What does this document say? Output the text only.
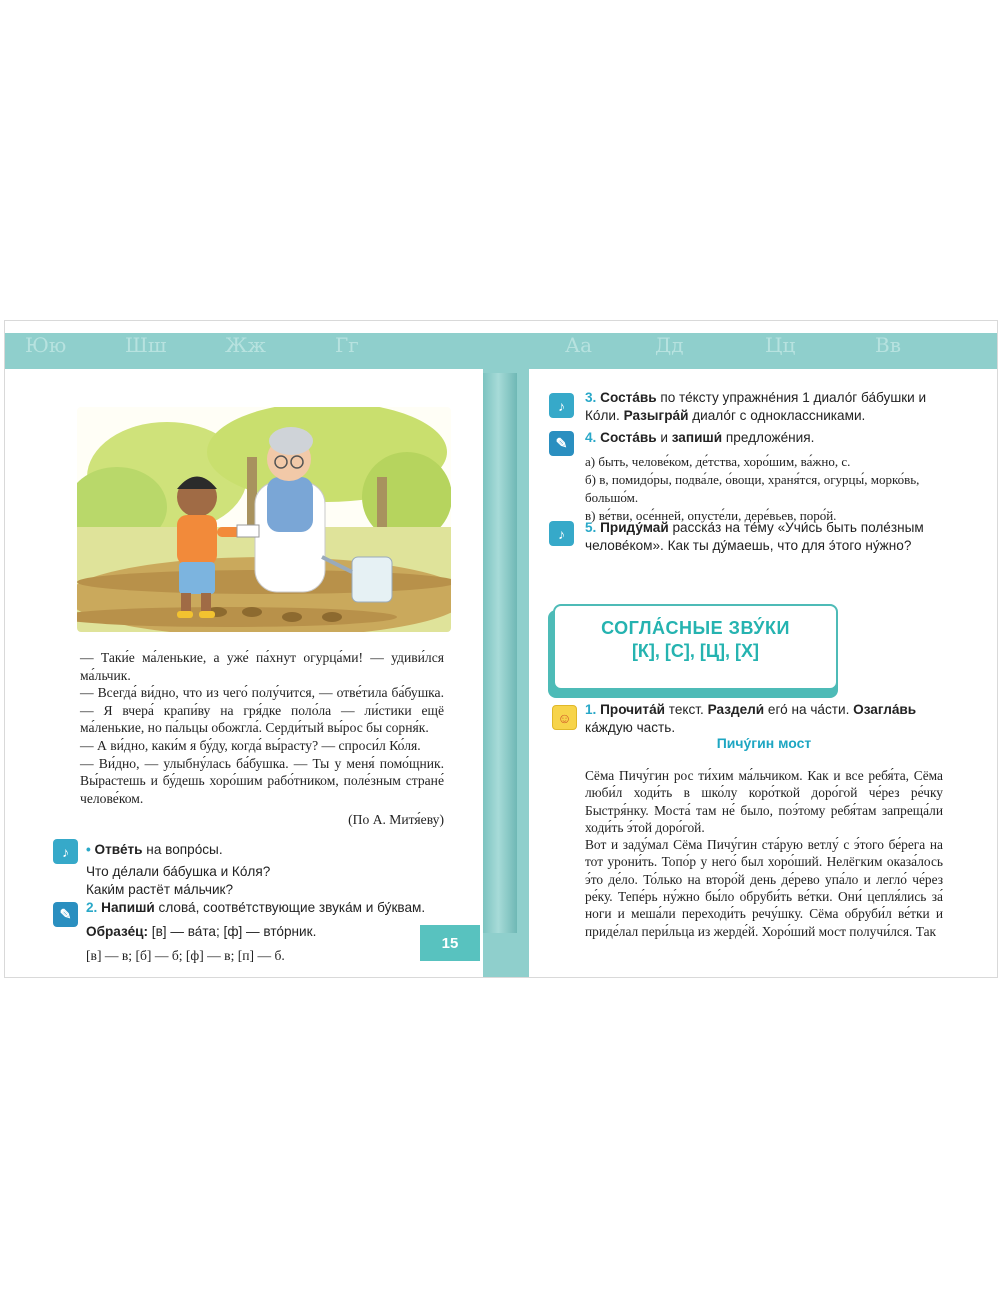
Юю	Шш	Жж	Гг	Аа	Дд	Цц	Вв

— Таки́е ма́ленькие, а уже́ па́хнут огурца́ми! — удиви́лся ма́льчик.

— Всегда́ ви́дно, что из чего́ полу́чится, — отве́тила ба́бушка. — Я вчера́ крапи́ву на гря́дке поло́ла — ли́стики ещё ма́ленькие, но па́льцы обожгла́. Серди́тый вы́рос бы сорня́к.

— А ви́дно, каки́м я бу́ду, когда́ вы́расту? — спроси́л Ко́ля.

— Ви́дно, — улыбну́лась ба́бушка. — Ты у меня́ помо́щник. Вы́растешь и бу́дешь хоро́шим рабо́тником, поле́зным стране́ челове́ком.

(По А. Митя́еву)

♪	• Отве́ть на вопро́сы.
Что де́лали ба́бушка и Ко́ля?
Каки́м растёт ма́льчик?
✎	2. Напиши́ слова́, соотве́тствующие звука́м и бу́квам.
Образе́ц: [в] — ва́та; [ф] — вто́рник.
[в] — в; [б] — б; [ф] — в; [п] — б.
15
♪	3. Соста́вь по те́ксту упражне́ния 1 диало́г ба́бушки и Ко́ли. Разыгра́й диало́г с одноклассниками.
✎	4. Соста́вь и запиши́ предложе́ния.
а) быть, челове́ком, де́тства, хоро́шим, ва́жно, с.
б) в, помидо́ры, подва́ле, о́вощи, храня́тся, огурцы́, морко́вь, большо́м.
в) ве́тви, осе́нней, опусте́ли, дере́вьев, поро́й.
♪	5. Приду́май расска́з на те́му «Учи́сь быть поле́зным челове́ком». Как ты ду́маешь, что для э́того ну́жно?
СОГЛА́СНЫЕ ЗВУ́КИ
[К], [С], [Ц], [Х]
☺ 1. Прочита́й текст. Раздели́ его́ на ча́сти. Озагла́вь ка́ждую часть.
Пичу́гин мост

Сёма Пичу́гин рос ти́хим ма́льчиком. Как и все ребя́та, Сёма люби́л ходи́ть в шко́лу коро́ткой доро́гой че́рез ре́чку Быстря́нку. Моста́ там не́ было, поэ́тому ребя́там запреща́ли ходи́ть э́той доро́гой.

Вот и заду́мал Сёма Пичу́гин ста́рую ветлу́ с э́того бе́рега на тот урони́ть. Топо́р у него́ был хоро́ший. Нелёгким оказа́лось э́то де́ло. То́лько на второ́й день де́рево упа́ло и легло́ че́рез ре́ку. Тепе́рь ну́жно бы́ло обруби́ть ве́тки. Они́ цепля́лись за́ ноги и меша́ли переходи́ть речу́шку. Сёма обруби́л ве́тки и приде́лал пери́льца из жерде́й. Хоро́ший мост получи́лся. Так
